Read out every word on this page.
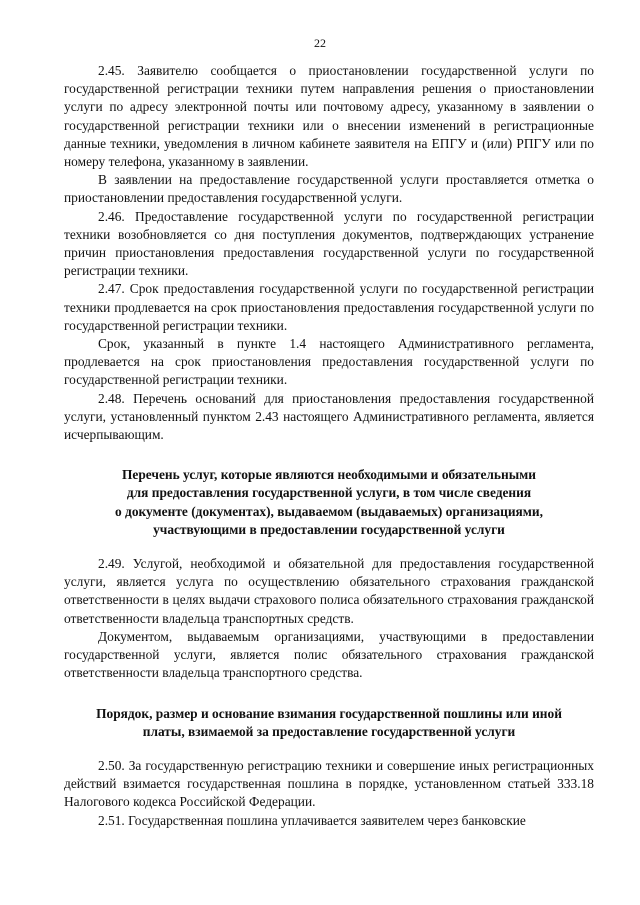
22

2.45. Заявителю сообщается о приостановлении государственной услуги по государственной регистрации техники путем направления решения о приостановлении услуги по адресу электронной почты или почтовому адресу, указанному в заявлении о государственной регистрации техники или о внесении изменений в регистрационные данные техники, уведомления в личном кабинете заявителя на ЕПГУ и (или) РПГУ или по номеру телефона, указанному в заявлении.

В заявлении на предоставление государственной услуги проставляется отметка о приостановлении предоставления государственной услуги.

2.46. Предоставление государственной услуги по государственной регистрации техники возобновляется со дня поступления документов, подтверждающих устранение причин приостановления предоставления государственной услуги по государственной регистрации техники.

2.47. Срок предоставления государственной услуги по государственной регистрации техники продлевается на срок приостановления предоставления государственной услуги по государственной регистрации техники.

Срок, указанный в пункте 1.4 настоящего Административного регламента, продлевается на срок приостановления предоставления государственной услуги по государственной регистрации техники.

2.48. Перечень оснований для приостановления предоставления государственной услуги, установленный пунктом 2.43 настоящего Административного регламента, является исчерпывающим.

Перечень услуг, которые являются необходимыми и обязательными

для предоставления государственной услуги, в том числе сведения

о документе (документах), выдаваемом (выдаваемых) организациями,

участвующими в предоставлении государственной услуги

2.49. Услугой, необходимой и обязательной для предоставления государственной услуги, является услуга по осуществлению обязательного страхования гражданской ответственности в целях выдачи страхового полиса обязательного страхования гражданской ответственности владельца транспортных средств.

Документом, выдаваемым организациями, участвующими в предоставлении государственной услуги, является полис обязательного страхования гражданской ответственности владельца транспортного средства.

Порядок, размер и основание взимания государственной пошлины или иной

платы, взимаемой за предоставление государственной услуги

2.50. За государственную регистрацию техники и совершение иных регистрационных действий взимается государственная пошлина в порядке, установленном статьей 333.18 Налогового кодекса Российской Федерации.

2.51. Государственная пошлина уплачивается заявителем через банковские
